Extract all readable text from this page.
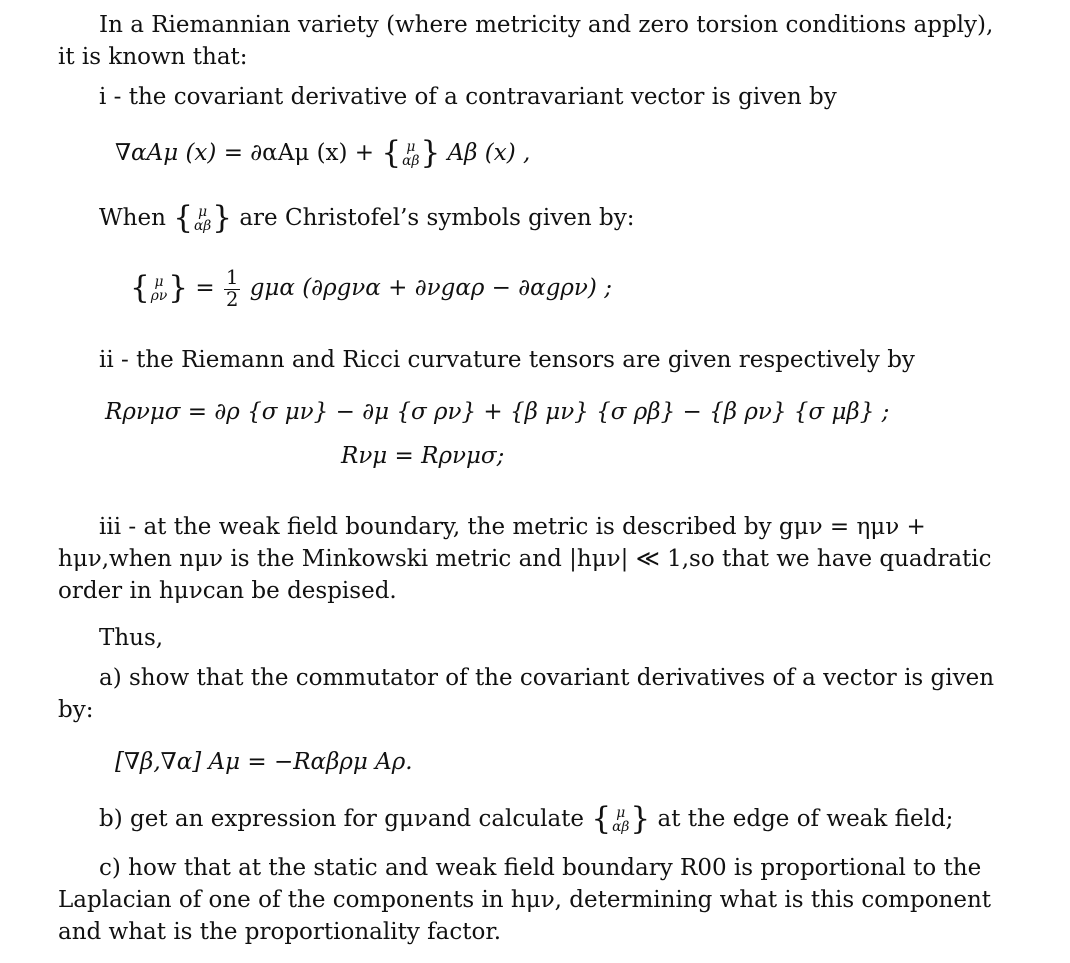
In a Riemannian variety (where metricity and zero torsion conditions apply),
it is known that:
i - the covariant derivative of a contravariant vector is given by
∇αAμ (x) = ∂αAμ (x) + { μ
αβ } Aβ (x) ,
When { μ
αβ } are Christofel’s symbols given by:
{ μ
ρν } = $\frac{1}{2}$ gμα (∂ρgνα + ∂νgαρ − ∂αgρν) ;
ii - the Riemann and Ricci curvature tensors are given respectively by
Rρνμσ = ∂ρ {σ μν} − ∂μ {σ ρν} + {β μν} {σ ρβ} − {β ρν} {σ μβ} ;
Rνμ = Rρνμσ;
iii - at the weak field boundary, the metric is described by gμν = ημν +
hμν,when nμν is the Minkowski metric and |hμν| ≪ 1,so that we have quadratic
order in hμνcan be despised.
Thus,
a) show that the commutator of the covariant derivatives of a vector is given
by:
[∇β,∇α] Aμ = −Rαβρμ Aρ.
b) get an expression for gμνand calculate { μ
αβ } at the edge of weak field;
c) how that at the static and weak field boundary R00 is proportional to the
Laplacian of one of the components in hμν, determining what is this component
and what is the proportionality factor.
